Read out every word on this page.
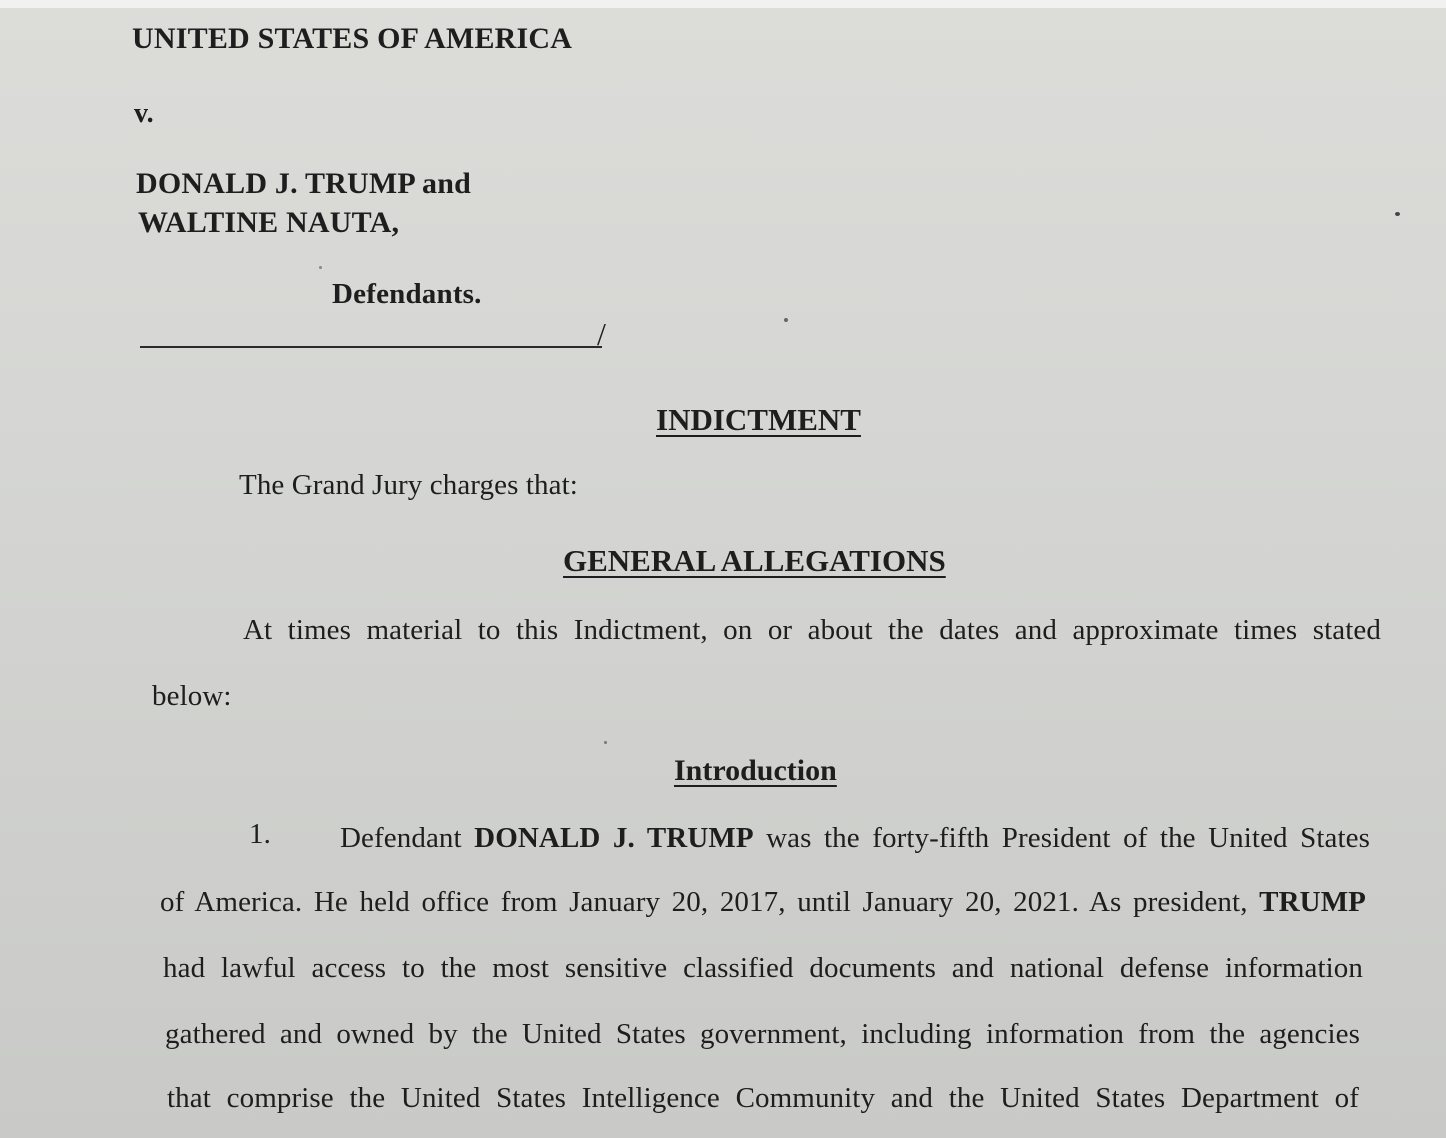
UNITED STATES OF AMERICA
v.
DONALD J. TRUMP and
WALTINE NAUTA,
Defendants.
/
INDICTMENT
The Grand Jury charges that:
GENERAL ALLEGATIONS
At times material to this Indictment, on or about the dates and approximate times stated
below:
Introduction
1. Defendant DONALD J. TRUMP was the forty-fifth President of the United States
of America. He held office from January 20, 2017, until January 20, 2021. As president, TRUMP
had lawful access to the most sensitive classified documents and national defense information
gathered and owned by the United States government, including information from the agencies
that comprise the United States Intelligence Community and the United States Department of
